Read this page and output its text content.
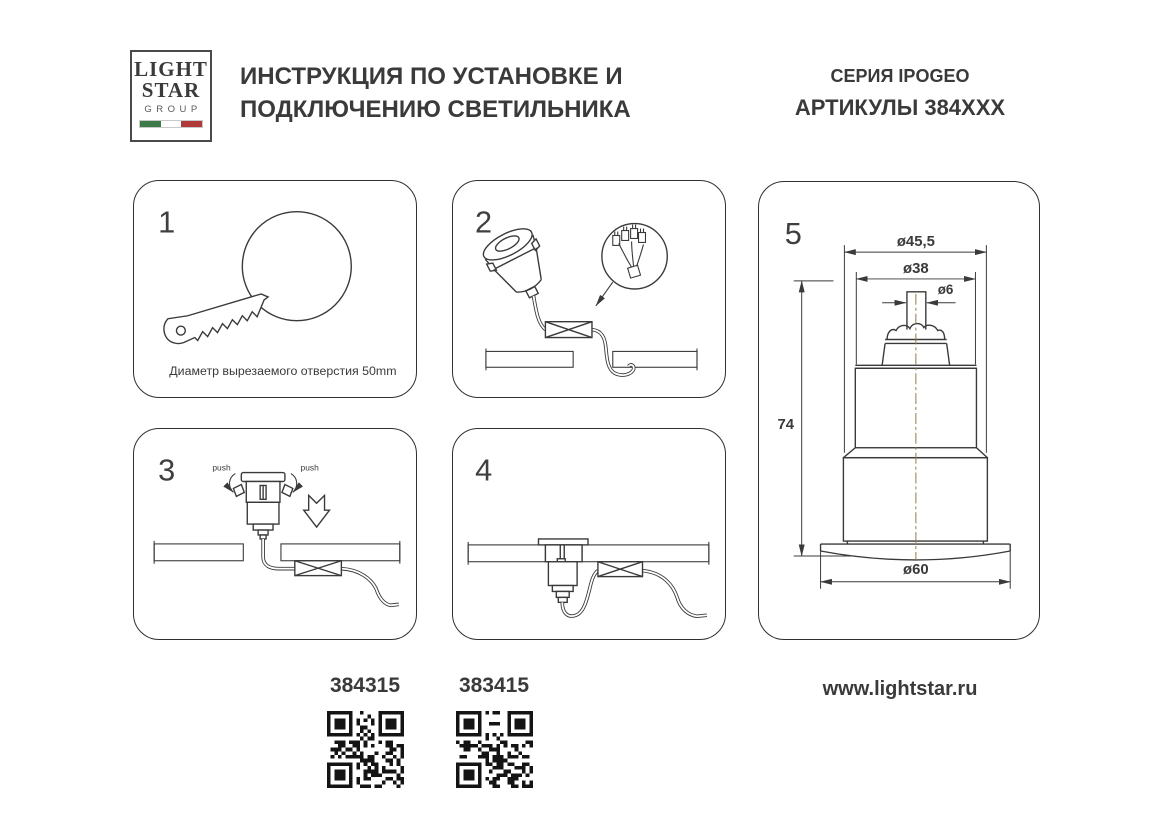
LIGHT
STAR
GROUP
ИНСТРУКЦИЯ ПО УСТАНОВКЕ И
ПОДКЛЮЧЕНИЮ СВЕТИЛЬНИКА
СЕРИЯ IPOGEO
АРТИКУЛЫ 384XXX
1
Диаметр вырезаемого отверстия 50mm
2
3	push	push	4
5	ø45,5
ø38
ø6
74
ø60
384315	383415	www.lightstar.ru
